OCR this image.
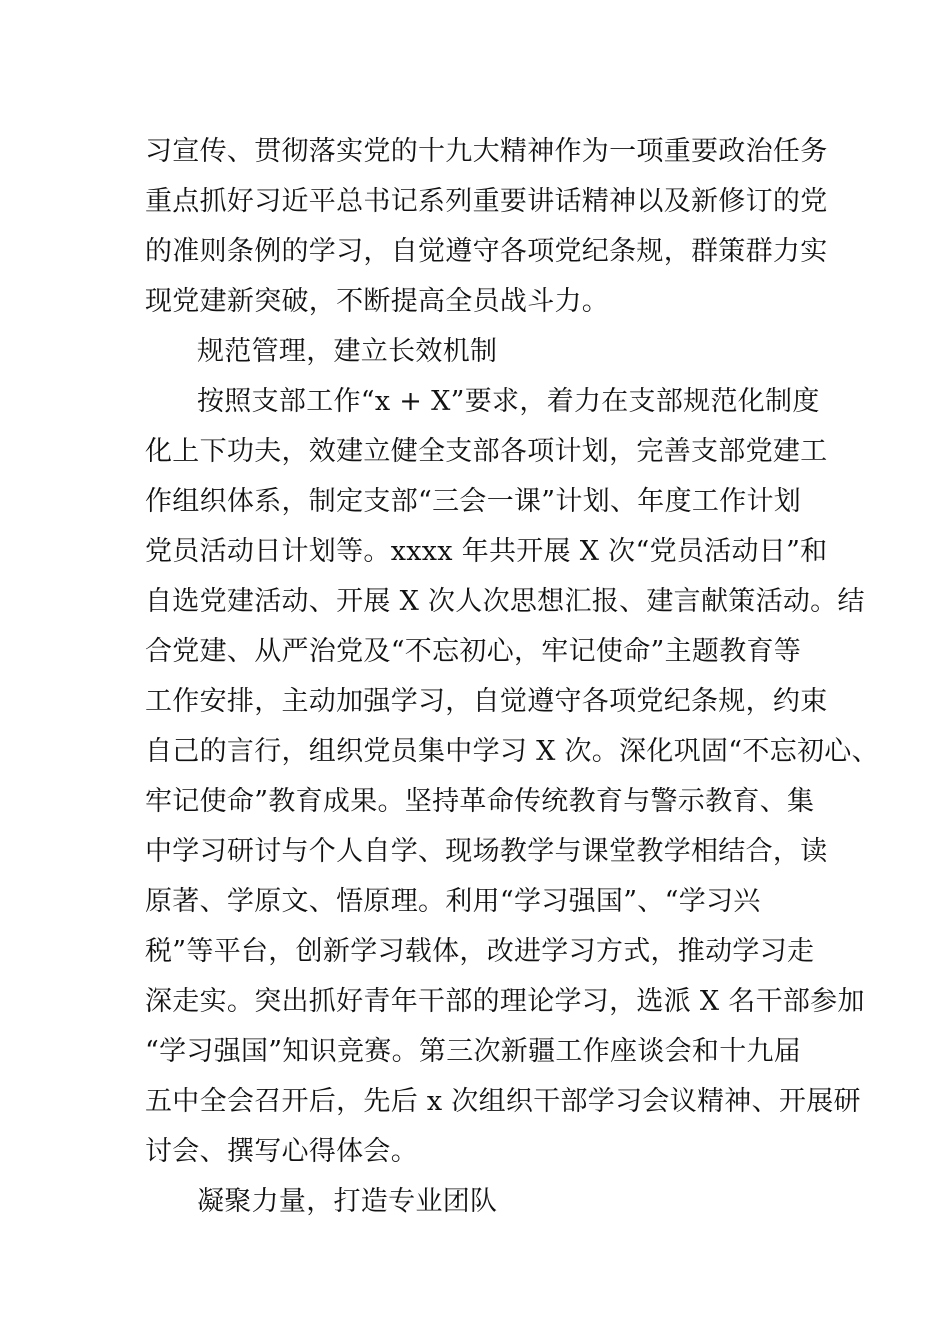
习宣传、贯彻落实党的十九大精神作为一项重要政治任务
重点抓好习近平总书记系列重要讲话精神以及新修订的党
的准则条例的学习，自觉遵守各项党纪条规，群策群力实
现党建新突破，不断提高全员战斗力。
规范管理，建立长效机制
按照支部工作“x + X”要求，着力在支部规范化制度
化上下功夫，效建立健全支部各项计划，完善支部党建工
作组织体系，制定支部“三会一课”计划、年度工作计划
党员活动日计划等。xxxx 年共开展 X 次“党员活动日”和
自选党建活动、开展 X 次人次思想汇报、建言献策活动。结
合党建、从严治党及“不忘初心，牢记使命”主题教育等
工作安排，主动加强学习，自觉遵守各项党纪条规，约束
自己的言行，组织党员集中学习 X 次。深化巩固“不忘初心、
牢记使命”教育成果。坚持革命传统教育与警示教育、集
中学习研讨与个人自学、现场教学与课堂教学相结合，读
原著、学原文、悟原理。利用“学习强国”、“学习兴
税”等平台，创新学习载体，改进学习方式，推动学习走
深走实。突出抓好青年干部的理论学习，选派 X 名干部参加
“学习强国”知识竞赛。第三次新疆工作座谈会和十九届
五中全会召开后，先后 x 次组织干部学习会议精神、开展研
讨会、撰写心得体会。
凝聚力量，打造专业团队
